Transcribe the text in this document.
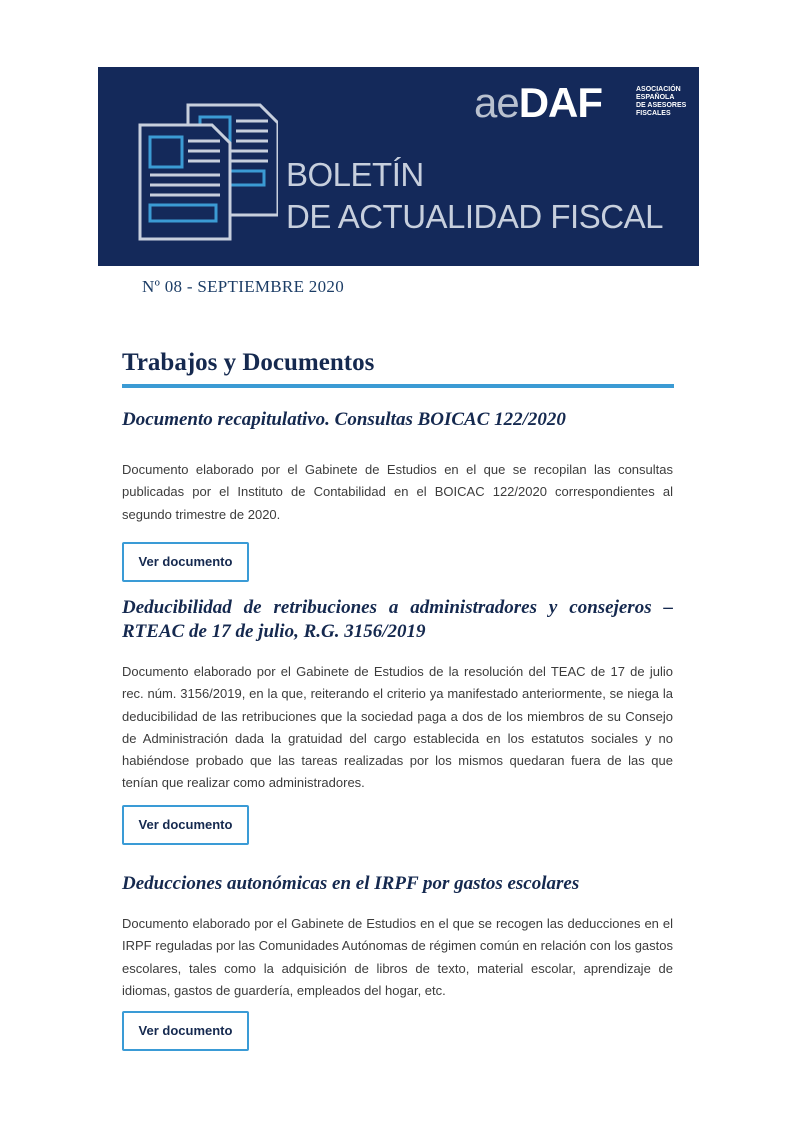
aeDAF	ASOCIACIÓN
ESPAÑOLA
DE ASESORES
FISCALES
BOLETÍN
DE ACTUALIDAD FISCAL
Nº 08 - SEPTIEMBRE 2020
Trabajos y Documentos
Documento recapitulativo. Consultas BOICAC 122/2020

Documento elaborado por el Gabinete de Estudios en el que se recopilan las consultas publicadas por el Instituto de Contabilidad en el BOICAC 122/2020 correspondientes al segundo trimestre de 2020.

Ver documento
Deducibilidad de retribuciones a administradores y consejeros – RTEAC de 17 de julio, R.G. 3156/2019

Documento elaborado por el Gabinete de Estudios de la resolución del TEAC de 17 de julio rec. núm. 3156/2019, en la que, reiterando el criterio ya manifestado anteriormente, se niega la deducibilidad de las retribuciones que la sociedad paga a dos de los miembros de su Consejo de Administración dada la gratuidad del cargo establecida en los estatutos sociales y no habiéndose probado que las tareas realizadas por los mismos quedaran fuera de las que tenían que realizar como administradores.

Ver documento
Deducciones autonómicas en el IRPF por gastos escolares

Documento elaborado por el Gabinete de Estudios en el que se recogen las deducciones en el IRPF reguladas por las Comunidades Autónomas de régimen común en relación con los gastos escolares, tales como la adquisición de libros de texto, material escolar, aprendizaje de idiomas, gastos de guardería, empleados del hogar, etc.

Ver documento
